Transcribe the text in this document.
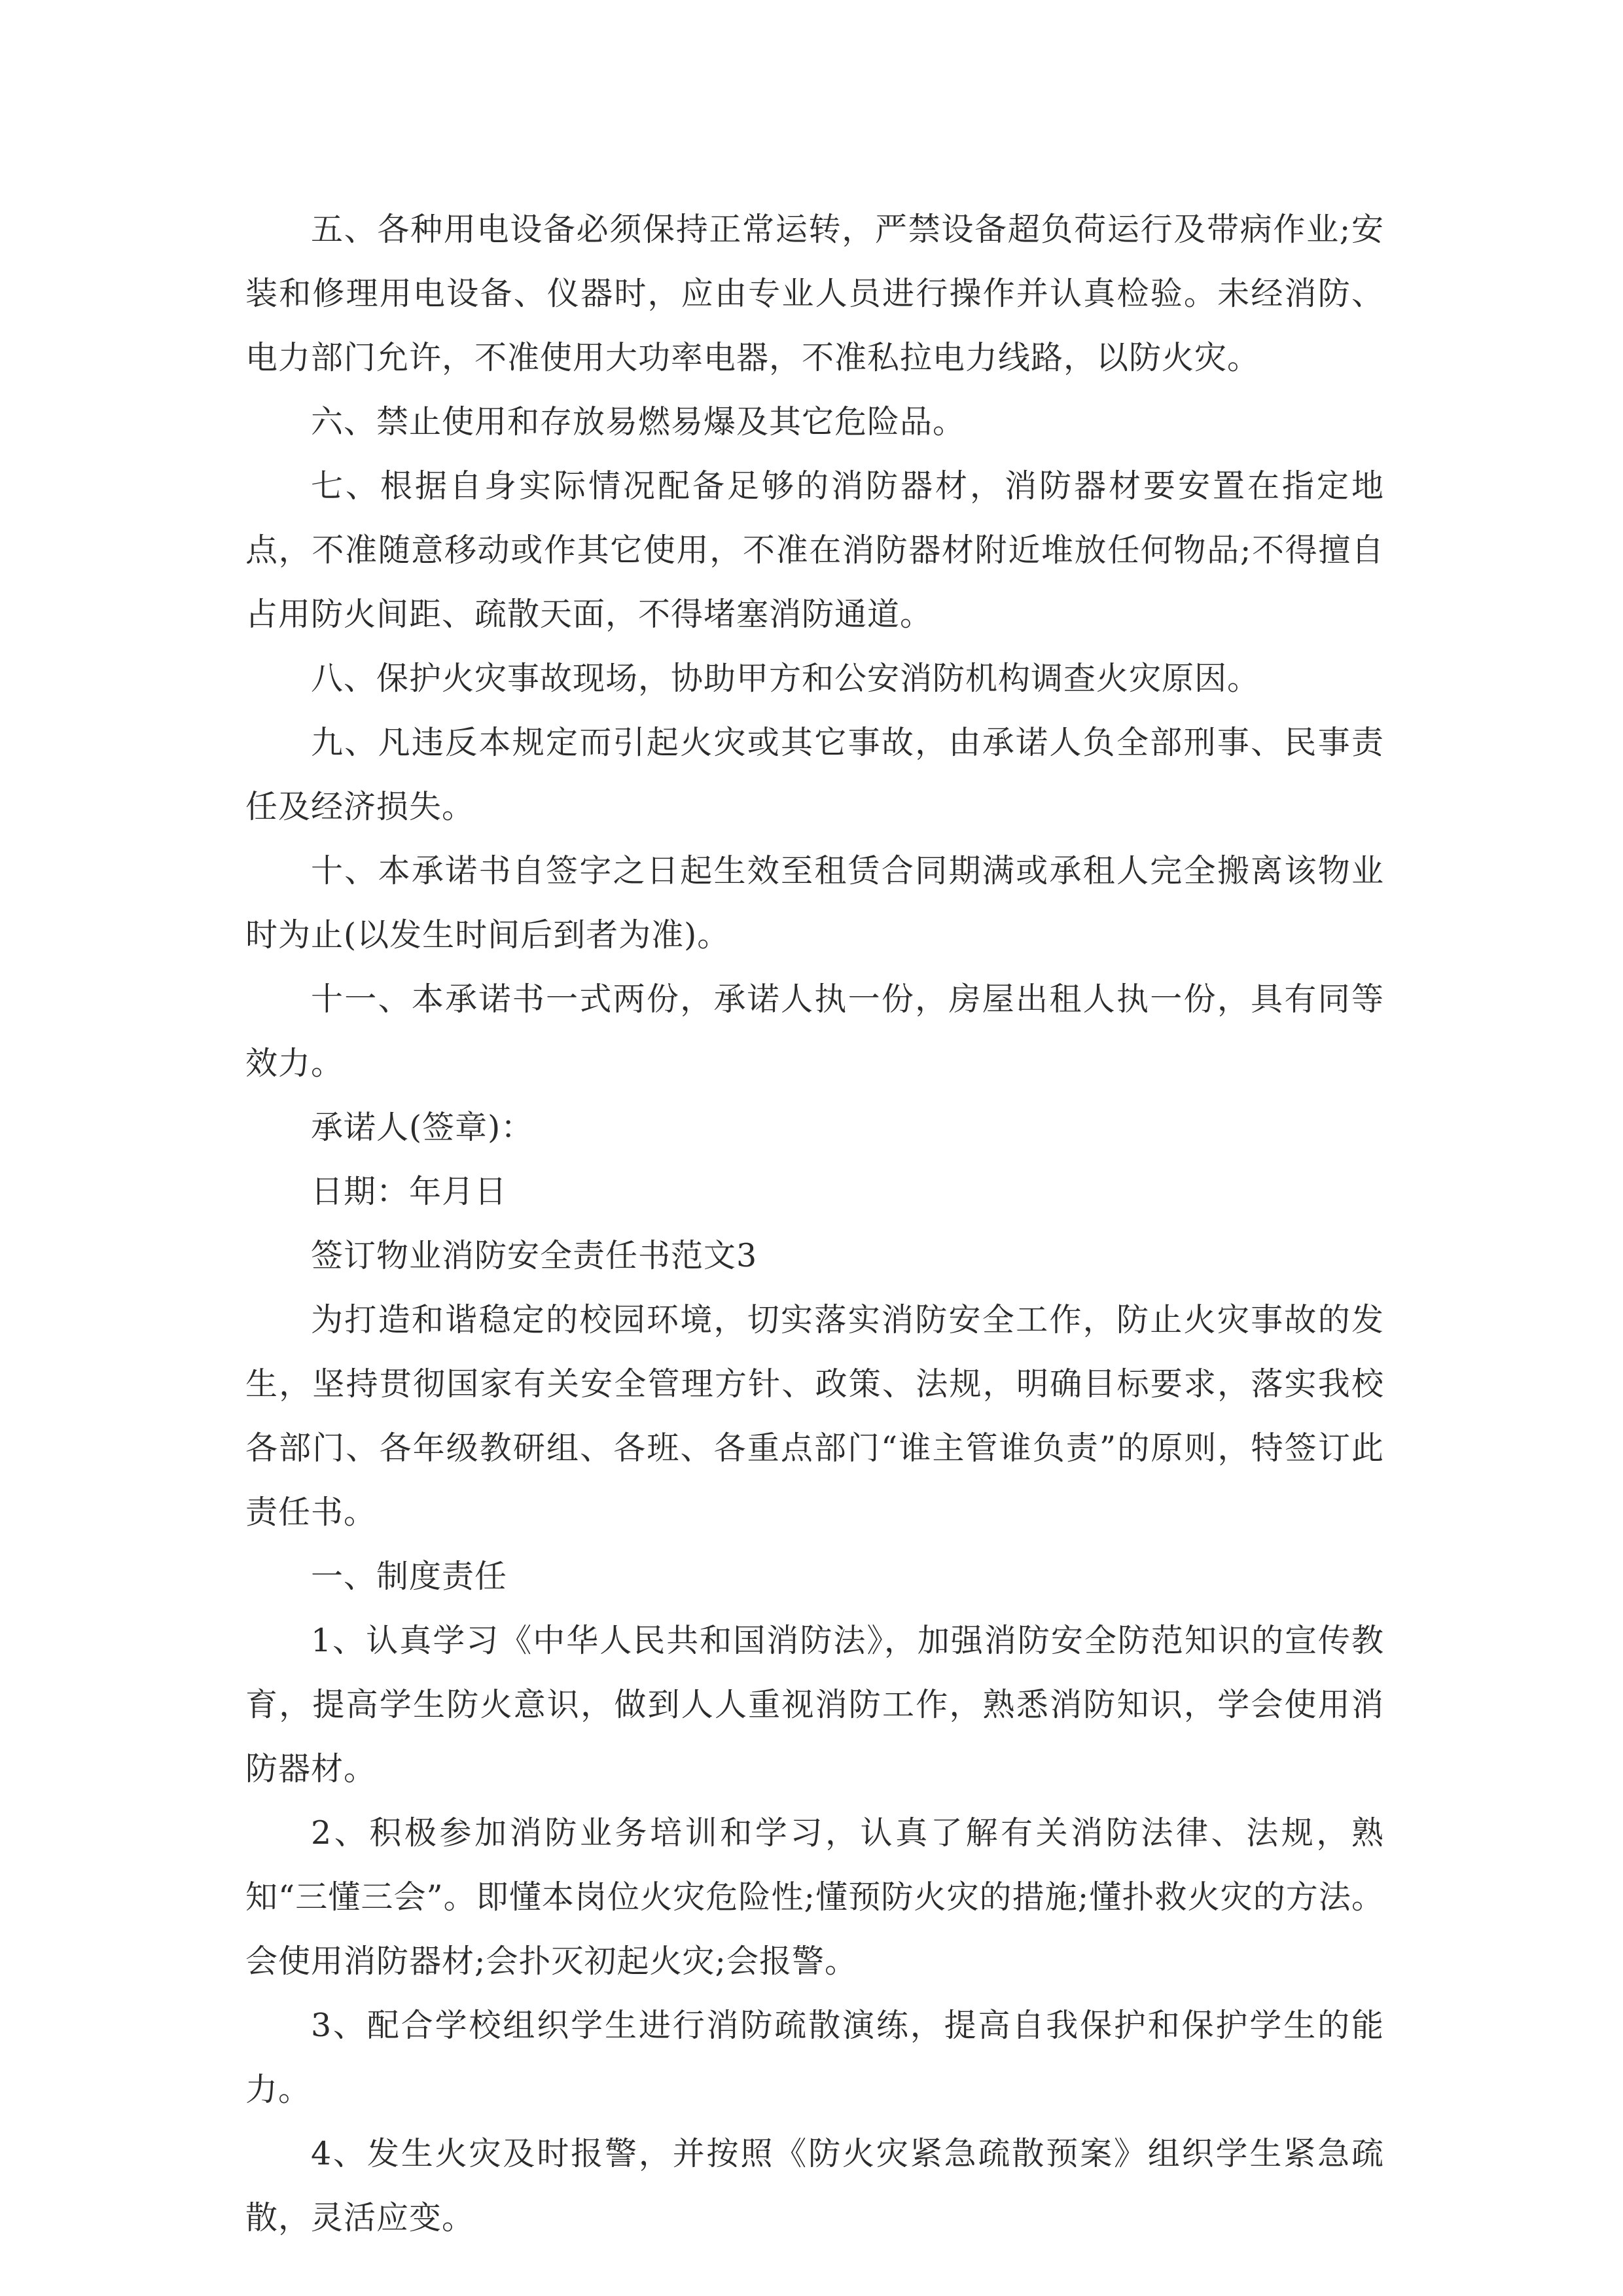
五、各种用电设备必须保持正常运转，严禁设备超负荷运行及带病作业;安装和修理用电设备、仪器时，应由专业人员进行操作并认真检验。未经消防、电力部门允许，不准使用大功率电器，不准私拉电力线路，以防火灾。

六、禁止使用和存放易燃易爆及其它危险品。

七、根据自身实际情况配备足够的消防器材，消防器材要安置在指定地点，不准随意移动或作其它使用，不准在消防器材附近堆放任何物品;不得擅自占用防火间距、疏散天面，不得堵塞消防通道。

八、保护火灾事故现场，协助甲方和公安消防机构调查火灾原因。

九、凡违反本规定而引起火灾或其它事故，由承诺人负全部刑事、民事责任及经济损失。

十、本承诺书自签字之日起生效至租赁合同期满或承租人完全搬离该物业时为止(以发生时间后到者为准)。

十一、本承诺书一式两份，承诺人执一份，房屋出租人执一份，具有同等效力。

承诺人(签章)：

日期：年月日

签订物业消防安全责任书范文3

为打造和谐稳定的校园环境，切实落实消防安全工作，防止火灾事故的发生，坚持贯彻国家有关安全管理方针、政策、法规，明确目标要求，落实我校各部门、各年级教研组、各班、各重点部门“谁主管谁负责”的原则，特签订此责任书。

一、制度责任

1、认真学习《中华人民共和国消防法》，加强消防安全防范知识的宣传教育，提高学生防火意识，做到人人重视消防工作，熟悉消防知识，学会使用消防器材。

2、积极参加消防业务培训和学习，认真了解有关消防法律、法规，熟知“三懂三会”。即懂本岗位火灾危险性;懂预防火灾的措施;懂扑救火灾的方法。会使用消防器材;会扑灭初起火灾;会报警。

3、配合学校组织学生进行消防疏散演练，提高自我保护和保护学生的能力。

4、发生火灾及时报警，并按照《防火灾紧急疏散预案》组织学生紧急疏散，灵活应变。
